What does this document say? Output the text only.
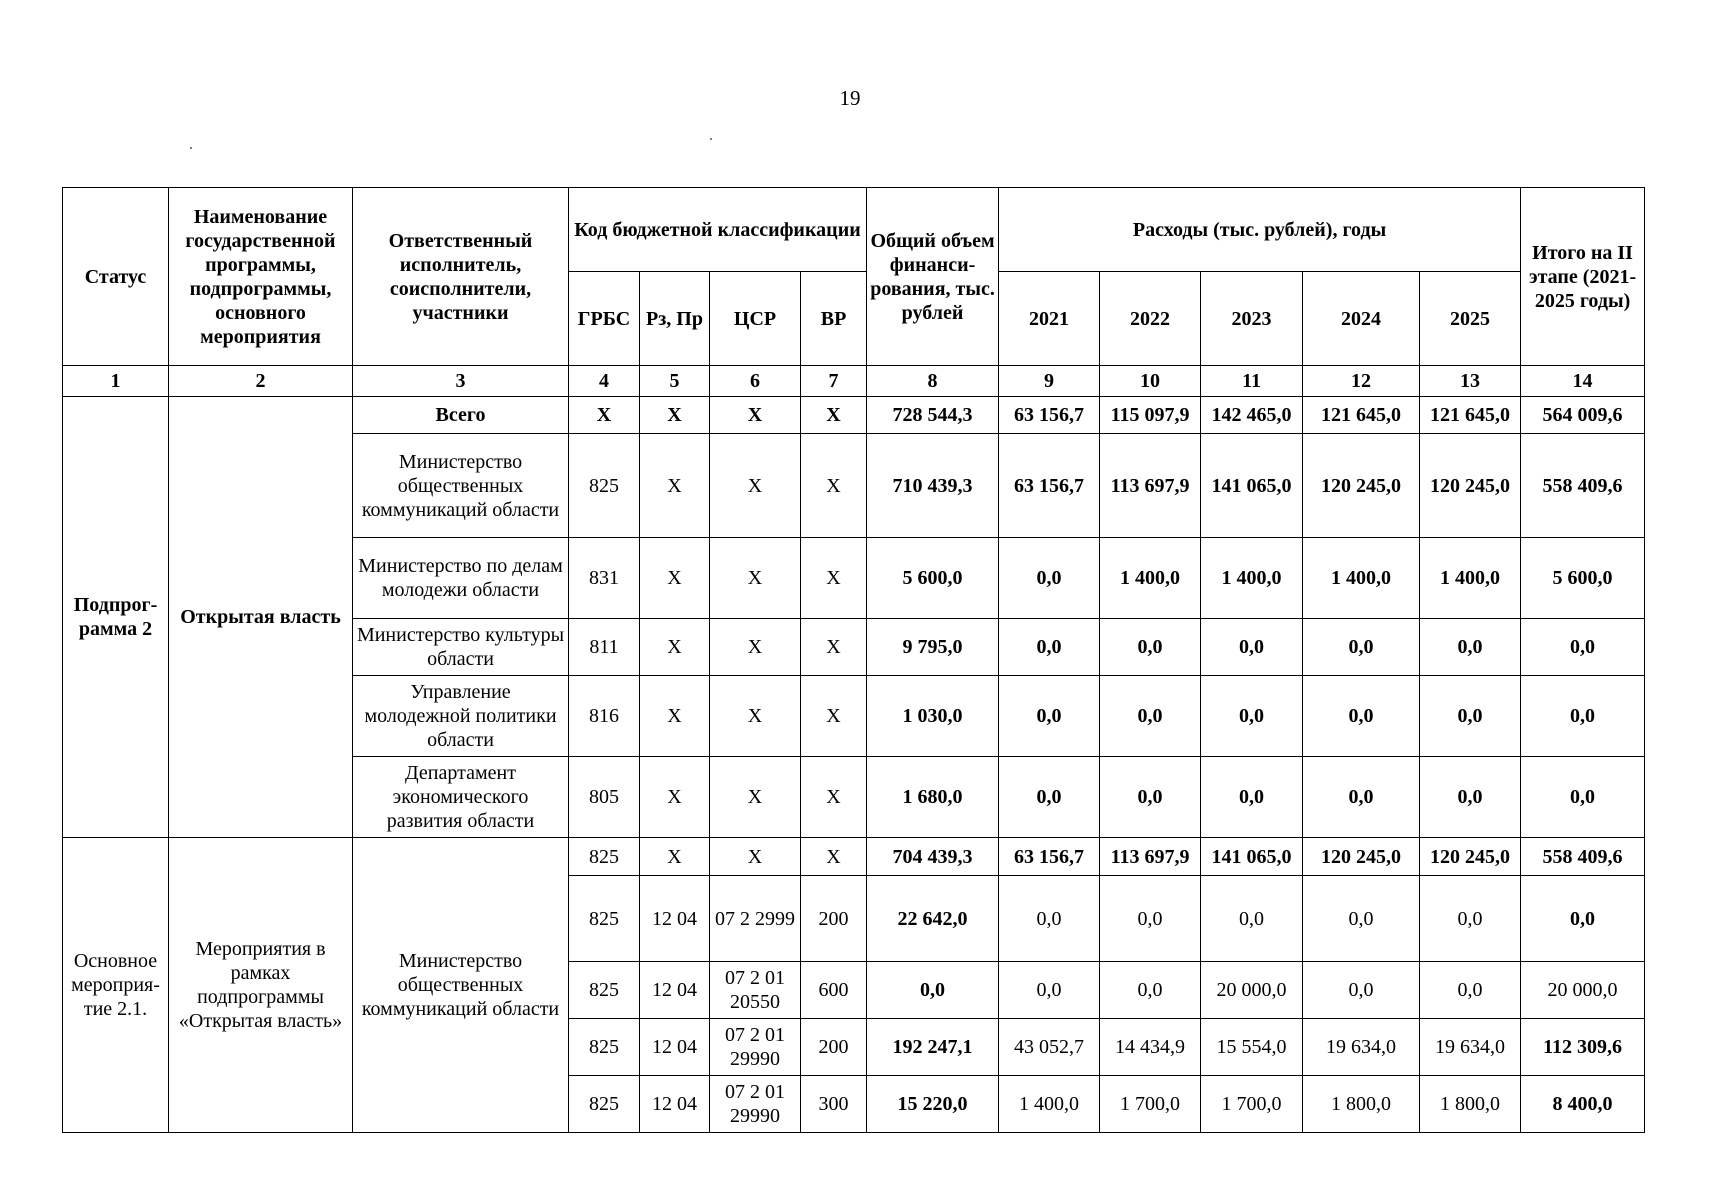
19
Статус	Наименование государственной программы, подпрограммы, основного мероприятия	Ответственный исполнитель, соисполнители, участники	Код бюджетной классификации				Общий объем финанси-рования, тыс. рублей	Расходы (тыс. рублей), годы					Итого на II этапе (2021-2025 годы)
			ГРБС	Рз, Пр	ЦСР	ВР		2021	2022	2023	2024	2025	
1	2	3	4	5	6	7	8	9	10	11	12	13	14
Подпрог-рамма 2	Открытая власть	Всего	Х	Х	Х	Х	728 544,3	63 156,7	115 097,9	142 465,0	121 645,0	121 645,0	564 009,6
		Министерство общественных коммуникаций области	825	Х	Х	Х	710 439,3	63 156,7	113 697,9	141 065,0	120 245,0	120 245,0	558 409,6
		Министерство по делам молодежи области	831	Х	Х	Х	5 600,0	0,0	1 400,0	1 400,0	1 400,0	1 400,0	5 600,0
		Министерство культуры области	811	Х	Х	Х	9 795,0	0,0	0,0	0,0	0,0	0,0	0,0
		Управление молодежной политики области	816	Х	Х	Х	1 030,0	0,0	0,0	0,0	0,0	0,0	0,0
		Департамент экономического развития области	805	Х	Х	Х	1 680,0	0,0	0,0	0,0	0,0	0,0	0,0
Основное мероприя-тие 2.1.	Мероприятия в рамках подпрограммы «Открытая власть»	Министерство общественных коммуникаций области	825	Х	Х	Х	704 439,3	63 156,7	113 697,9	141 065,0	120 245,0	120 245,0	558 409,6
			825	12 04	07 2 2999	200	22 642,0	0,0	0,0	0,0	0,0	0,0	0,0
			825	12 04	07 2 01 20550	600	0,0	0,0	0,0	20 000,0	0,0	0,0	20 000,0
			825	12 04	07 2 01 29990	200	192 247,1	43 052,7	14 434,9	15 554,0	19 634,0	19 634,0	112 309,6
			825	12 04	07 2 01 29990	300	15 220,0	1 400,0	1 700,0	1 700,0	1 800,0	1 800,0	8 400,0
